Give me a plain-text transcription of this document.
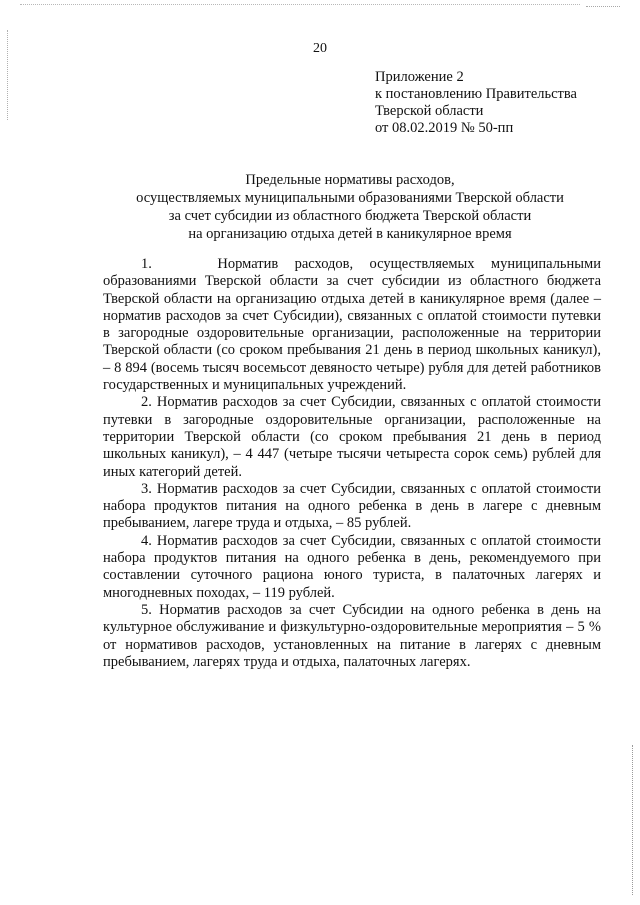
20
Приложение 2
к постановлению Правительства
Тверской области
от 08.02.2019 № 50-пп
Предельные нормативы расходов,
осуществляемых муниципальными образованиями Тверской области
за счет субсидии из областного бюджета Тверской области
на организацию отдыха детей в каникулярное время

1.    Норматив расходов, осуществляемых муниципальными образованиями Тверской области за счет субсидии из областного бюджета Тверской области на организацию отдыха детей в каникулярное время (далее – норматив расходов за счет Субсидии), связанных с оплатой стоимости путевки в загородные оздоровительные организации, расположенные на территории Тверской области (со сроком пребывания 21 день в период школьных каникул), – 8 894 (восемь тысяч восемьсот девяносто четыре) рубля для детей работников государственных и муниципальных учреждений.

2. Норматив расходов за счет Субсидии, связанных с оплатой стоимости путевки в загородные оздоровительные организации, расположенные на территории Тверской области (со сроком пребывания 21 день в период школьных каникул), – 4 447 (четыре тысячи четыреста сорок семь) рублей для иных категорий детей.

3. Норматив расходов за счет Субсидии, связанных с оплатой стоимости набора продуктов питания на одного ребенка в день в лагере с дневным пребыванием, лагере труда и отдыха, – 85 рублей.

4. Норматив расходов за счет Субсидии, связанных с оплатой стоимости набора продуктов питания на одного ребенка в день, рекомендуемого при составлении суточного рациона юного туриста, в палаточных лагерях и многодневных походах, – 119 рублей.

5. Норматив расходов за счет Субсидии на одного ребенка в день на культурное обслуживание и физкультурно-оздоровительные мероприятия – 5 % от нормативов расходов, установленных на питание в лагерях с дневным пребыванием, лагерях труда и отдыха, палаточных лагерях.
